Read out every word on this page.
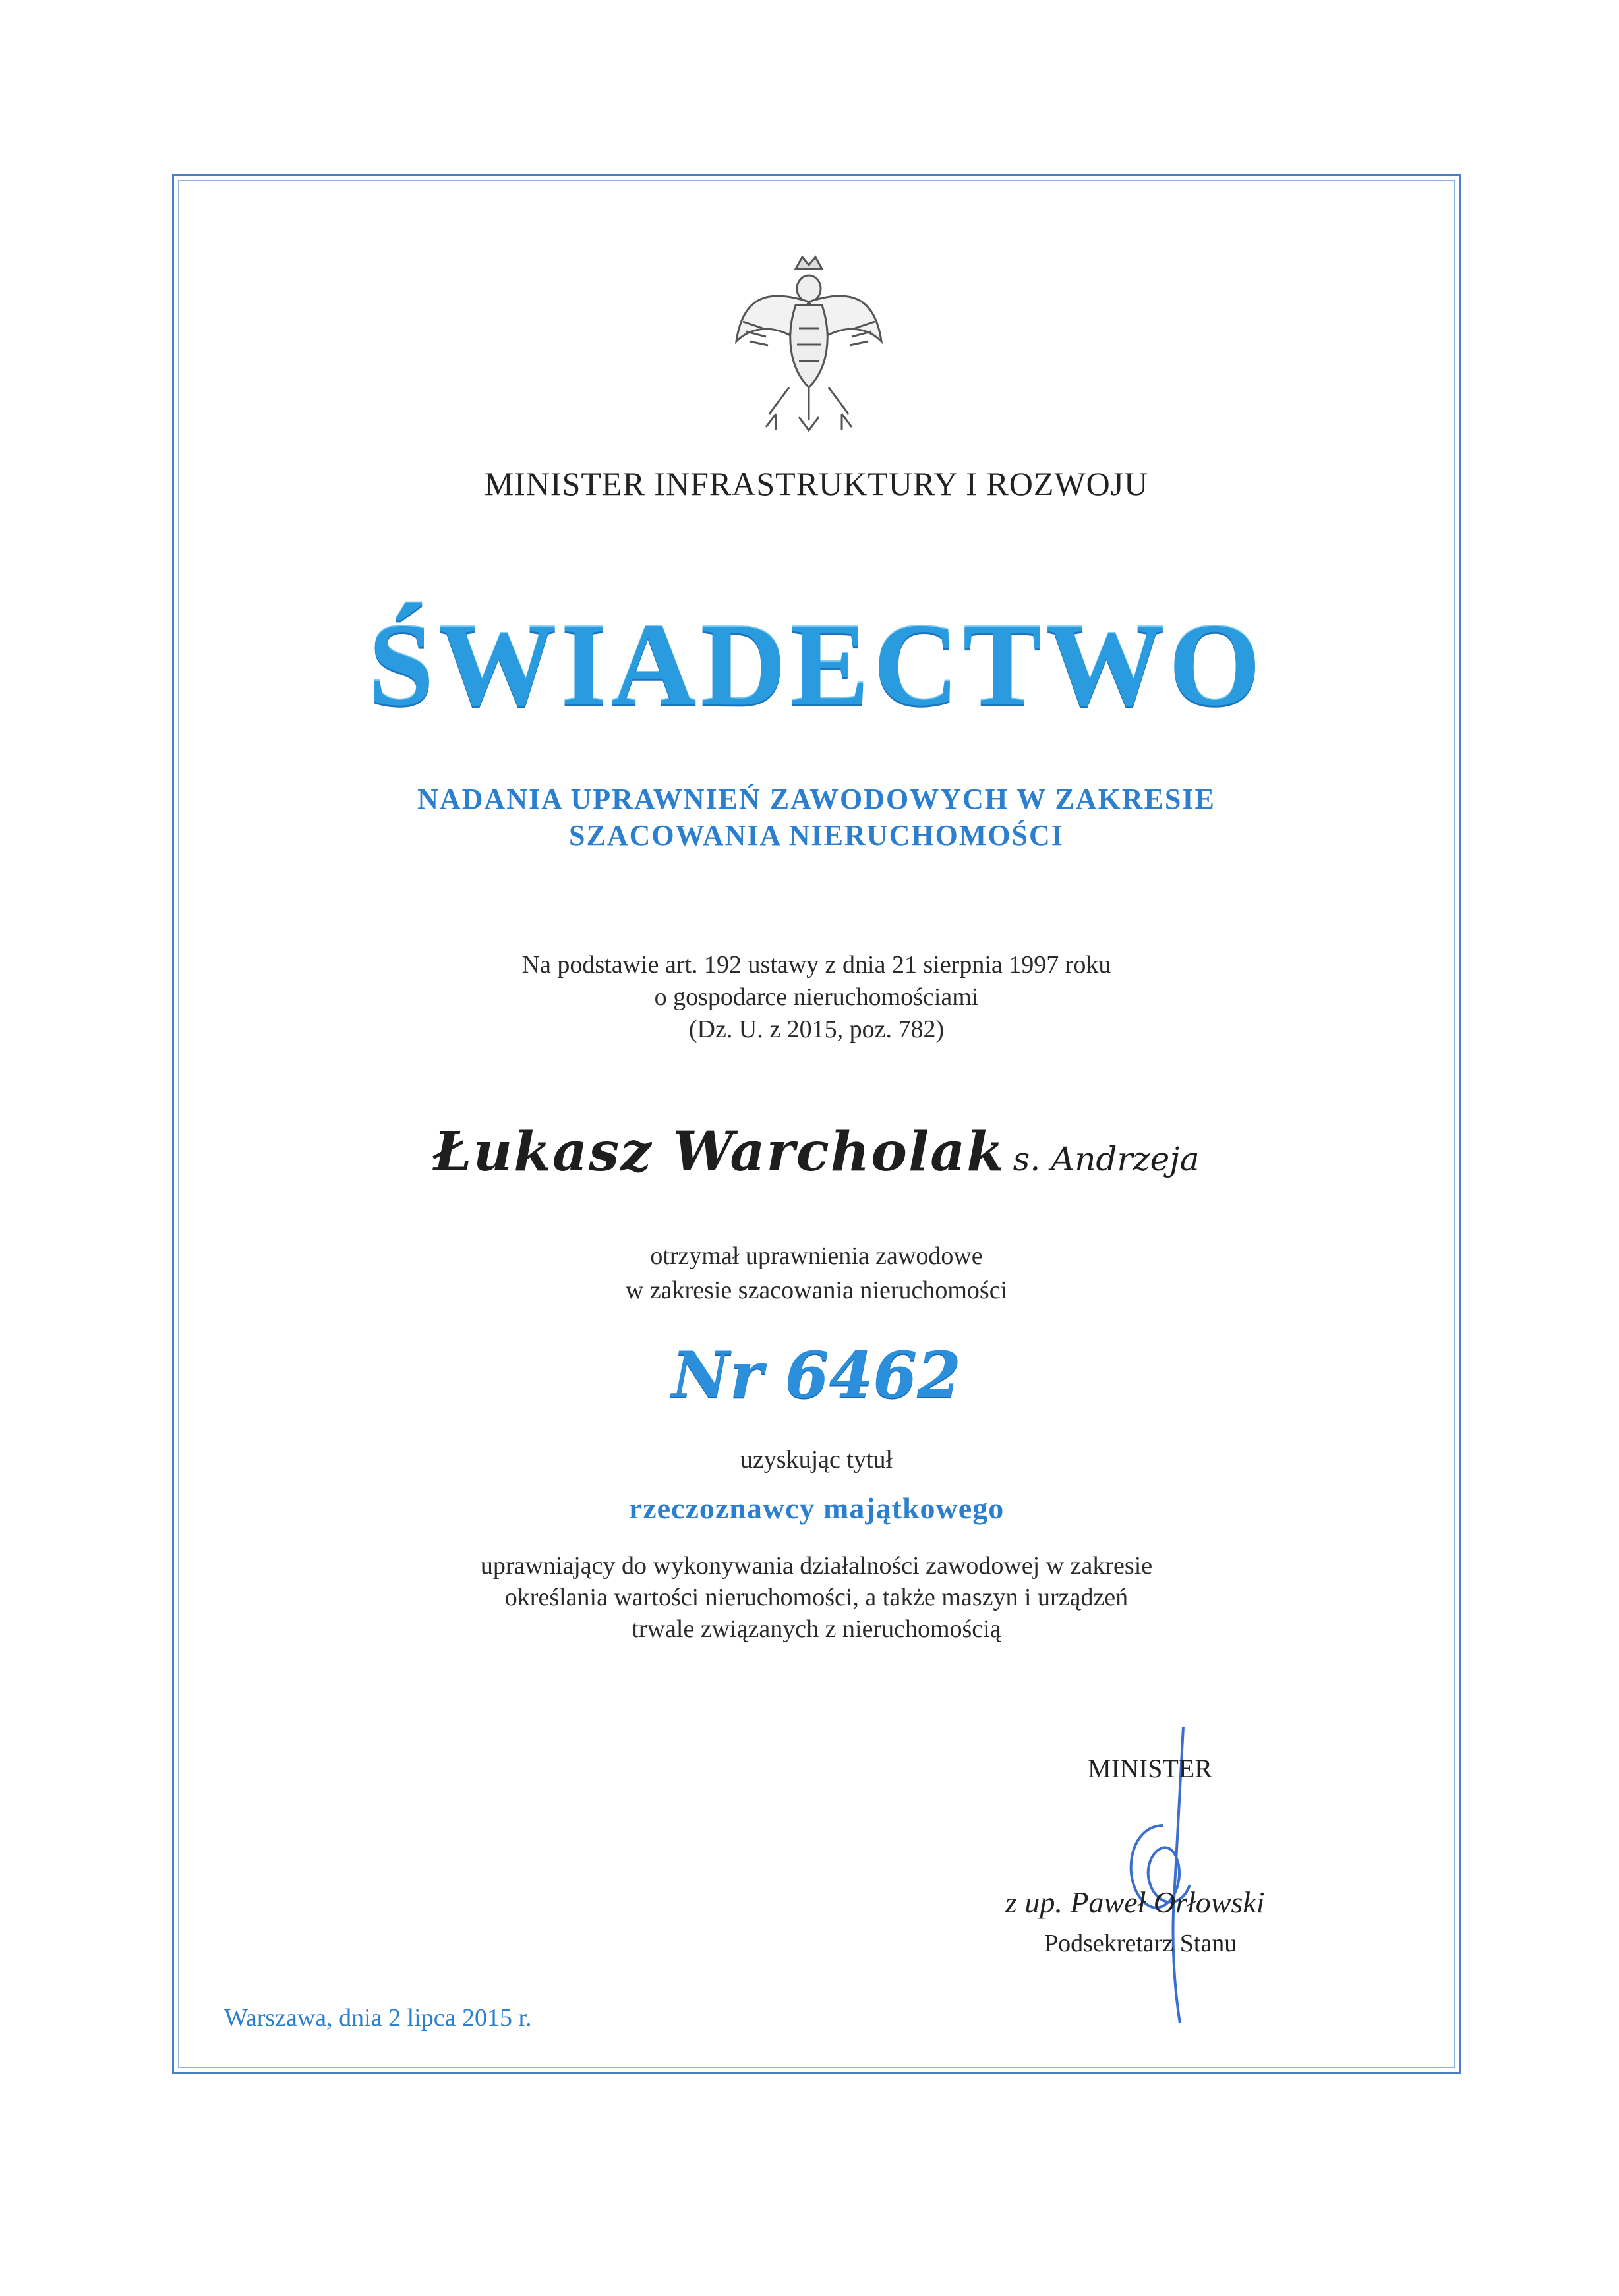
MINISTER INFRASTRUKTURY I ROZWOJU
ŚWIADECTWO
NADANIA UPRAWNIEŃ ZAWODOWYCH W ZAKRESIE
SZACOWANIA NIERUCHOMOŚCI
Na podstawie art. 192 ustawy z dnia 21 sierpnia 1997 roku
o gospodarce nieruchomościami
(Dz. U. z 2015, poz. 782)
Łukasz Warcholak s. Andrzeja
otrzymał uprawnienia zawodowe
w zakresie szacowania nieruchomości
Nr 6462
uzyskując tytuł
rzeczoznawcy majątkowego
uprawniający do wykonywania działalności zawodowej w zakresie
określania wartości nieruchomości, a także maszyn i urządzeń
trwale związanych z nieruchomością
MINISTER
z up. Paweł Orłowski
Podsekretarz Stanu
Warszawa, dnia 2 lipca 2015 r.
